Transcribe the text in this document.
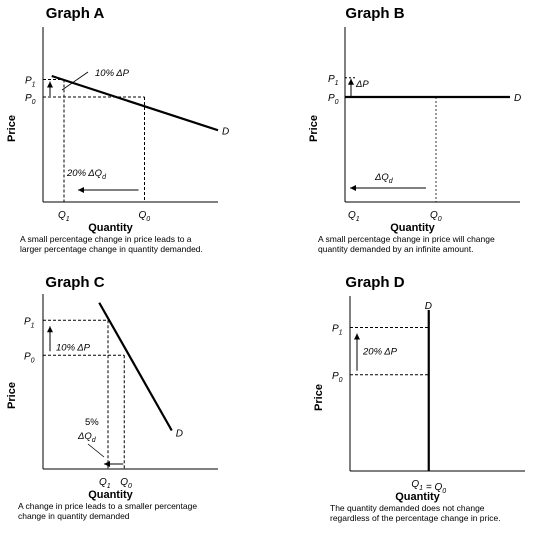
Graph A
Price
Quantity
A small percentage change in price leads to a
larger percentage change in quantity demanded.
D
$P_1$
$P_0$
$Q_1$	$Q_0$
10% ΔP
20% $\Delta Q_d$
Graph B
Price
Quantity
A small percentage change in price will change
quantity demanded by an infinite amount.
D
$P_1$
$P_0$
$Q_1$	$Q_0$
ΔP
$\Delta Q_d$
Graph C
Price
Quantity
A change in price leads to a smaller percentage
change in quantity demanded
D
$P_1$
$P_0$
$Q_1$ $Q_0$
10% ΔP
5%
$\Delta Q_d$
Graph D
Price
Quantity
The quantity demanded does not change
regardless of the percentage change in price.
D
$P_1$
$P_0$
$Q_1 = Q_0$
20% ΔP
